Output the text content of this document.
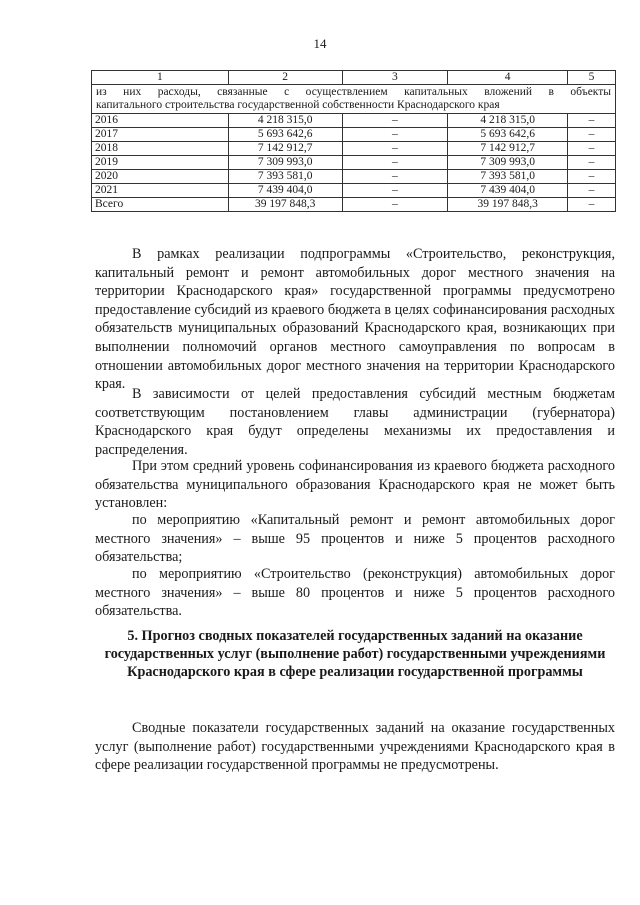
14
1	2	3	4	5

из них расходы, связанные с осуществлением капитальных вложений в объекты
капитального строительства государственной собственности Краснодарского края				

2016	4 218 315,0	–	4 218 315,0	–
2017	5 693 642,6	–	5 693 642,6	–
2018	7 142 912,7	–	7 142 912,7	–
2019	7 309 993,0	–	7 309 993,0	–
2020	7 393 581,0	–	7 393 581,0	–
2021	7 439 404,0	–	7 439 404,0	–
Всего	39 197 848,3	–	39 197 848,3	–

В рамках реализации подпрограммы «Строительство, реконструкция, капитальный ремонт и ремонт автомобильных дорог местного значения на территории Краснодарского края» государственной программы предусмотрено предоставление субсидий из краевого бюджета в целях софинансирования расходных обязательств муниципальных образований Краснодарского края, возникающих при выполнении полномочий органов местного самоуправления по вопросам в отношении автомобильных дорог местного значения на территории Краснодарского края.

В зависимости от целей предоставления субсидий местным бюджетам соответствующим постановлением главы администрации (губернатора) Краснодарского края будут определены механизмы их предоставления и распределения.

При этом средний уровень софинансирования из краевого бюджета расходного обязательства муниципального образования Краснодарского края не может быть установлен:

по мероприятию «Капитальный ремонт и ремонт автомобильных дорог местного значения» – выше 95 процентов и ниже 5 процентов расходного обязательства;

по мероприятию «Строительство (реконструкция) автомобильных дорог местного значения» – выше 80 процентов и ниже 5 процентов расходного обязательства.

5. Прогноз сводных показателей государственных заданий на оказание государственных услуг (выполнение работ) государственными учреждениями Краснодарского края в сфере реализации государственной программы

Сводные показатели государственных заданий на оказание государственных услуг (выполнение работ) государственными учреждениями Краснодарского края в сфере реализации государственной программы не предусмотрены.
